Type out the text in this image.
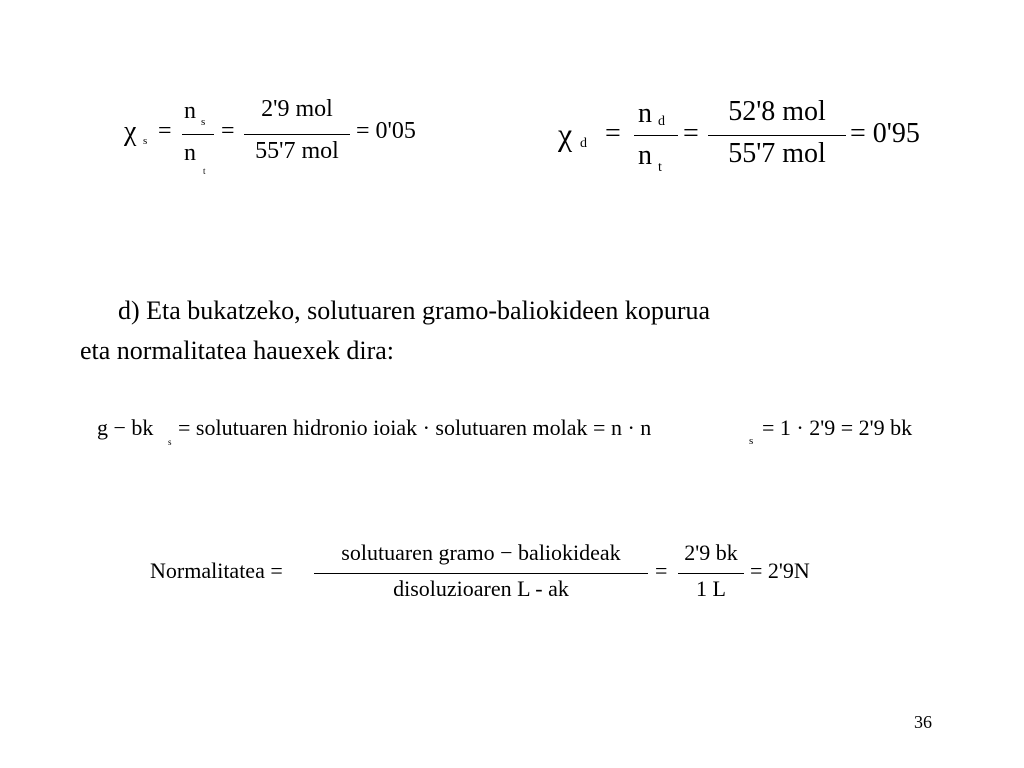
χ s =
n s
n
t
=
2'9 mol
55'7 mol
= 0'05	χ d =
n d
n t
=
52'8 mol
55'7 mol
= 0'95
d) Eta bukatzeko, solutuaren gramo-baliokideen kopurua
eta normalitatea hauexek dira:
g − bk
s
= solutuaren hidronio ioiak · solutuaren molak = n · n
s
= 1 · 2'9 = 2'9 bk
Normalitatea =
solutuaren gramo − baliokideak
disoluzioaren L - ak
=
2'9 bk
1 L
= 2'9N
36
